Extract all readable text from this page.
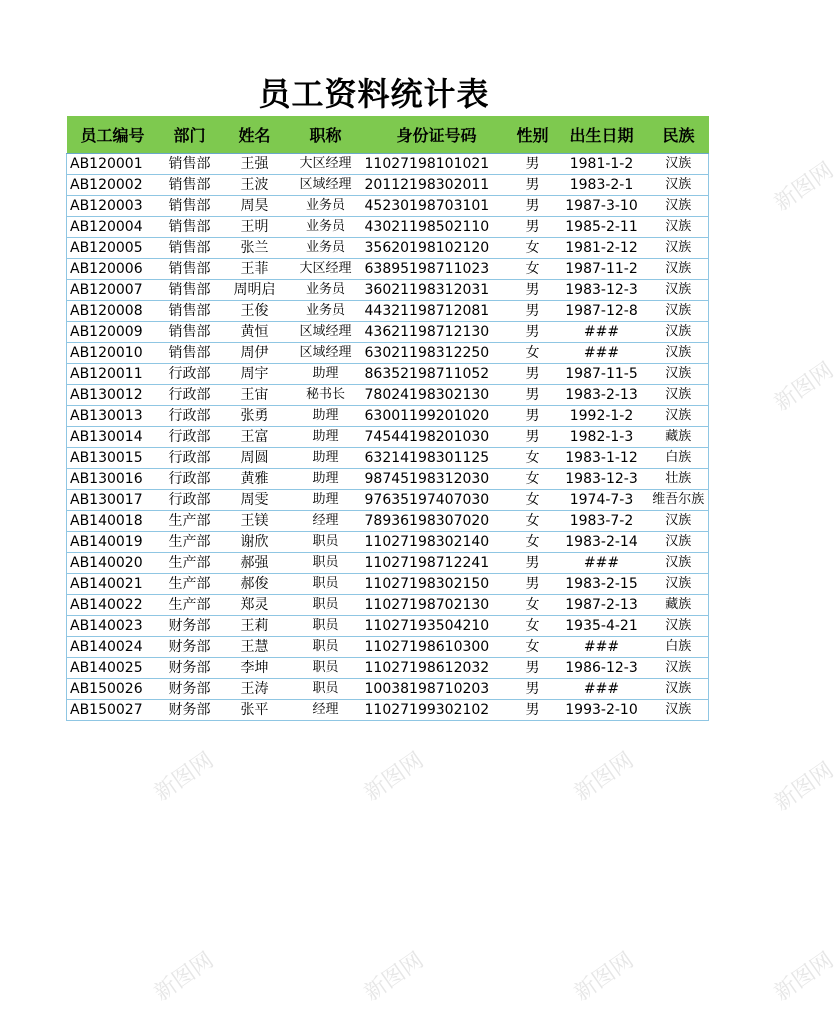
员工资料统计表
员工编号	部门	姓名	职称	身份证号码	性别	出生日期	民族
AB120001	销售部	王强	大区经理	11027198101021	男	1981-1-2	汉族
AB120002	销售部	王波	区域经理	20112198302011	男	1983-2-1	汉族
AB120003	销售部	周昊	业务员	45230198703101	男	1987-3-10	汉族
AB120004	销售部	王明	业务员	43021198502110	男	1985-2-11	汉族
AB120005	销售部	张兰	业务员	35620198102120	女	1981-2-12	汉族
AB120006	销售部	王菲	大区经理	63895198711023	女	1987-11-2	汉族
AB120007	销售部	周明启	业务员	36021198312031	男	1983-12-3	汉族
AB120008	销售部	王俊	业务员	44321198712081	男	1987-12-8	汉族
AB120009	销售部	黄恒	区域经理	43621198712130	男	###	汉族
AB120010	销售部	周伊	区域经理	63021198312250	女	###	汉族
AB120011	行政部	周宇	助理	86352198711052	男	1987-11-5	汉族
AB130012	行政部	王宙	秘书长	78024198302130	男	1983-2-13	汉族
AB130013	行政部	张勇	助理	63001199201020	男	1992-1-2	汉族
AB130014	行政部	王富	助理	74544198201030	男	1982-1-3	藏族
AB130015	行政部	周圆	助理	63214198301125	女	1983-1-12	白族
AB130016	行政部	黄雅	助理	98745198312030	女	1983-12-3	壮族
AB130017	行政部	周雯	助理	97635197407030	女	1974-7-3	维吾尔族
AB140018	生产部	王镁	经理	78936198307020	女	1983-7-2	汉族
AB140019	生产部	谢欣	职员	11027198302140	女	1983-2-14	汉族
AB140020	生产部	郝强	职员	11027198712241	男	###	汉族
AB140021	生产部	郝俊	职员	11027198302150	男	1983-2-15	汉族
AB140022	生产部	郑灵	职员	11027198702130	女	1987-2-13	藏族
AB140023	财务部	王莉	职员	11027193504210	女	1935-4-21	汉族
AB140024	财务部	王慧	职员	11027198610300	女	###	白族
AB140025	财务部	李坤	职员	11027198612032	男	1986-12-3	汉族
AB150026	财务部	王涛	职员	10038198710203	男	###	汉族
AB150027	财务部	张平	经理	11027199302102	男	1993-2-10	汉族
新图网
新图网
新图网	新图网	新图网	新图网
新图网	新图网	新图网	新图网
